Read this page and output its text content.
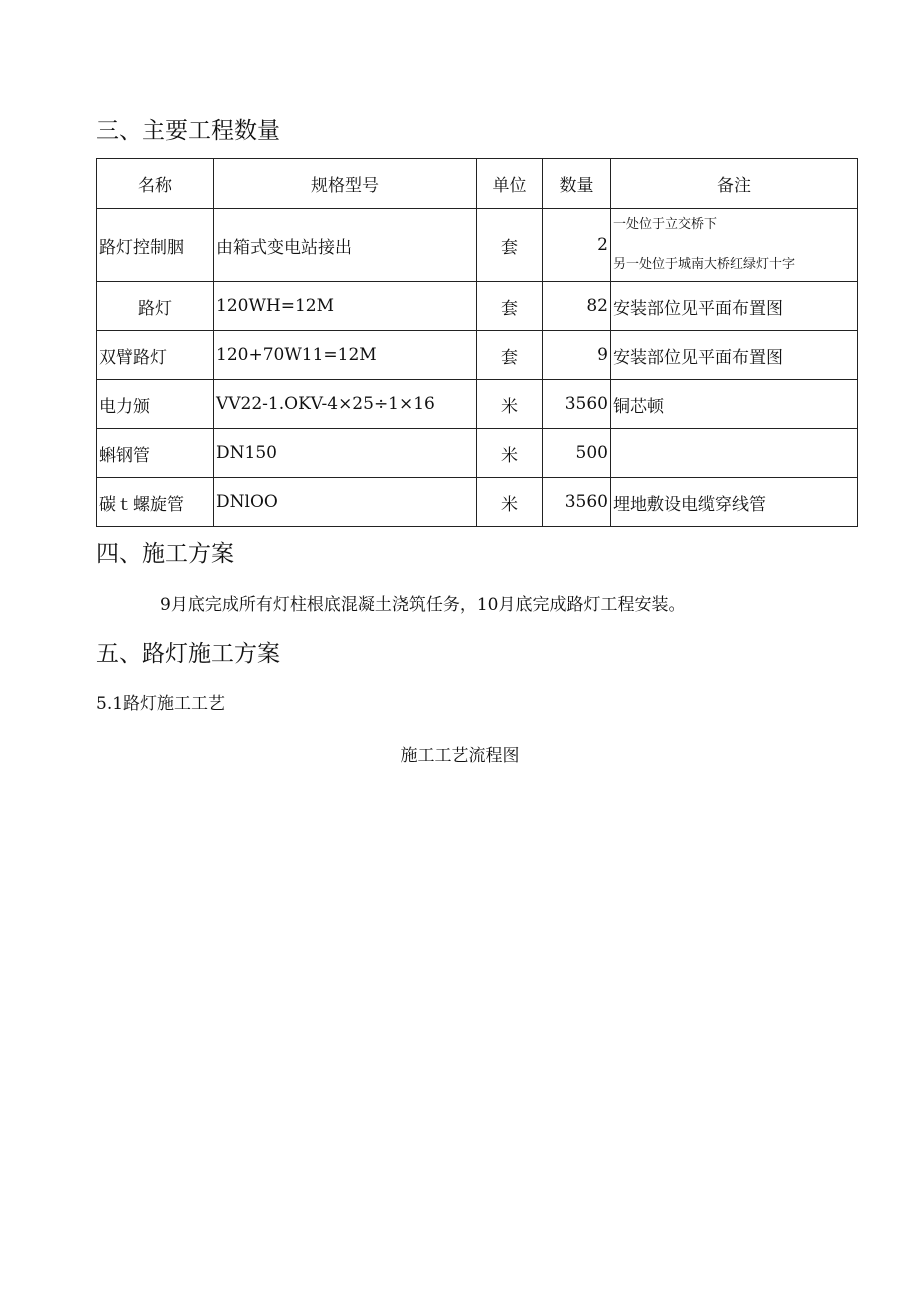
三、主要工程数量
名称	规格型号	单位	数量	备注
路灯控制胭	由箱式变电站接出	套	2	一处位于立交桥下
另一处位于城南大桥红绿灯十字

路灯	120WH=12M	套	82	安装部位见平面布置图
双臂路灯	120+70W11=12M	套	9	安装部位见平面布置图
电力颁	VV22-1.OKV-4×25÷1×16	米	3560	铜芯顿
蝌钢管	DN150	米	500	
碳ｔ螺旋管	DNlOO	米	3560	埋地敷设电缆穿线管
四、施工方案
9月底完成所有灯柱根底混凝土浇筑任务，10月底完成路灯工程安装。
五、路灯施工方案
5.1路灯施工工艺
施工工艺流程图
